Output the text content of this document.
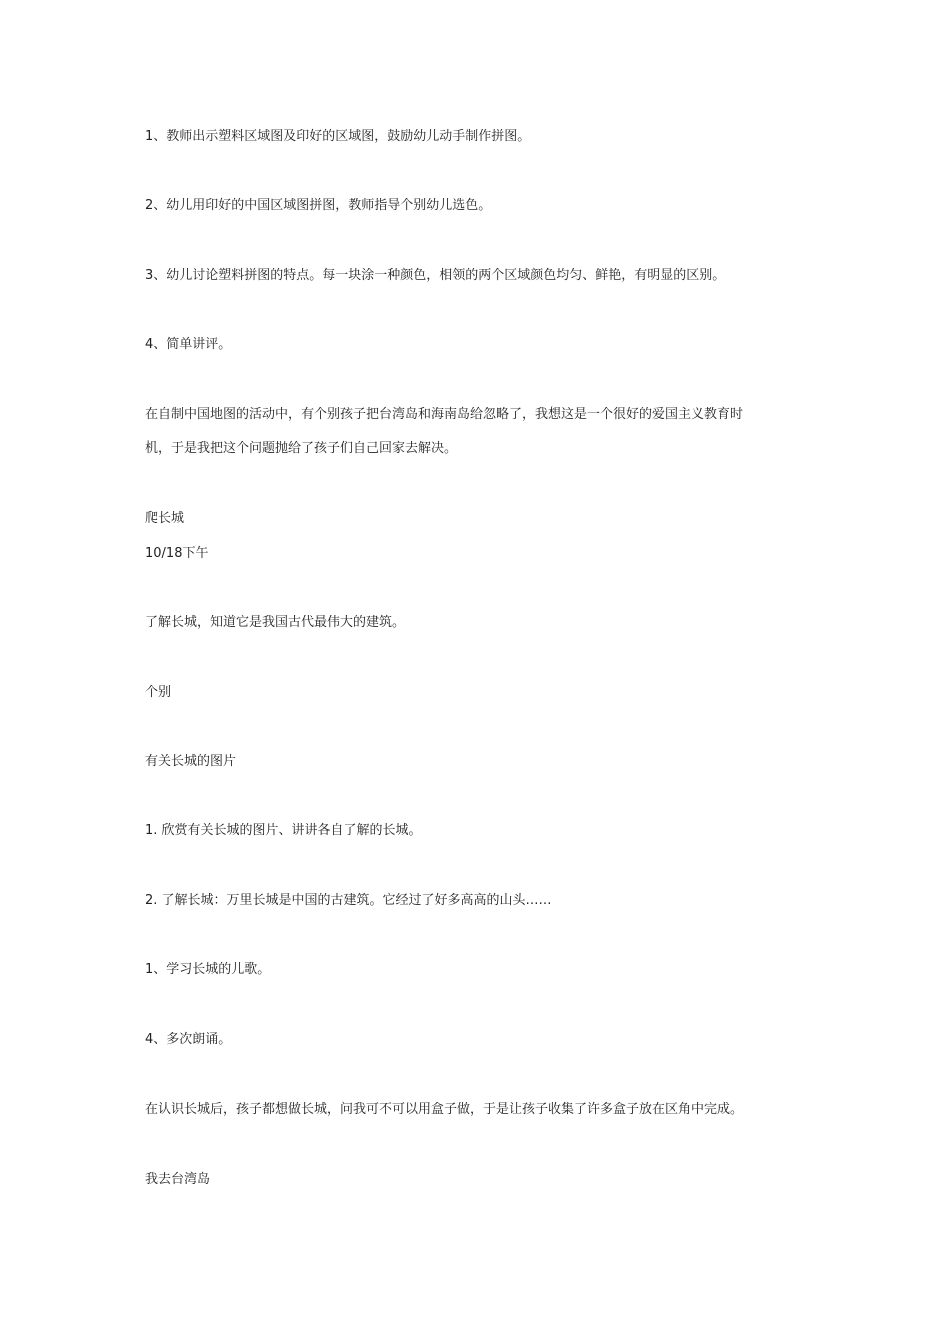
1、教师出示塑料区域图及印好的区域图，鼓励幼儿动手制作拼图。
2、幼儿用印好的中国区域图拼图，教师指导个别幼儿选色。
3、幼儿讨论塑料拼图的特点。每一块涂一种颜色，相领的两个区域颜色均匀、鲜艳，有明显的区别。
4、简单讲评。
在自制中国地图的活动中，有个别孩子把台湾岛和海南岛给忽略了，我想这是一个很好的爱国主义教育时
机，于是我把这个问题抛给了孩子们自己回家去解决。
爬长城
10/18下午
了解长城，知道它是我国古代最伟大的建筑。
个别
有关长城的图片
1. 欣赏有关长城的图片、讲讲各自了解的长城。
2. 了解长城：万里长城是中国的古建筑。它经过了好多高高的山头……
1、学习长城的儿歌。
4、多次朗诵。
在认识长城后，孩子都想做长城，问我可不可以用盒子做，于是让孩子收集了许多盒子放在区角中完成。
我去台湾岛
